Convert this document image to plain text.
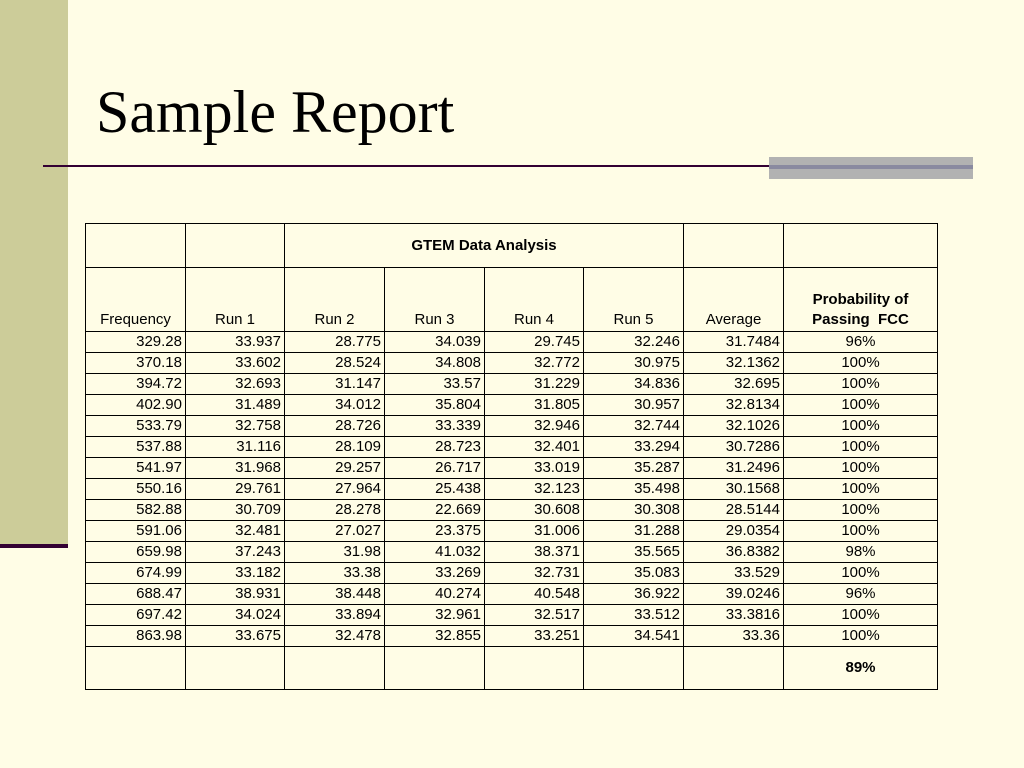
Sample Report
		GTEM Data Analysis					
Frequency	Run 1	Run 2	Run 3	Run 4	Run 5	Average	Probability of
Passing  FCC

329.28	33.937	28.775	34.039	29.745	32.246	31.7484	96%
370.18	33.602	28.524	34.808	32.772	30.975	32.1362	100%
394.72	32.693	31.147	33.57	31.229	34.836	32.695	100%
402.90	31.489	34.012	35.804	31.805	30.957	32.8134	100%
533.79	32.758	28.726	33.339	32.946	32.744	32.1026	100%
537.88	31.116	28.109	28.723	32.401	33.294	30.7286	100%
541.97	31.968	29.257	26.717	33.019	35.287	31.2496	100%
550.16	29.761	27.964	25.438	32.123	35.498	30.1568	100%
582.88	30.709	28.278	22.669	30.608	30.308	28.5144	100%
591.06	32.481	27.027	23.375	31.006	31.288	29.0354	100%
659.98	37.243	31.98	41.032	38.371	35.565	36.8382	98%
674.99	33.182	33.38	33.269	32.731	35.083	33.529	100%
688.47	38.931	38.448	40.274	40.548	36.922	39.0246	96%
697.42	34.024	33.894	32.961	32.517	33.512	33.3816	100%
863.98	33.675	32.478	32.855	33.251	34.541	33.36	100%
							89%
